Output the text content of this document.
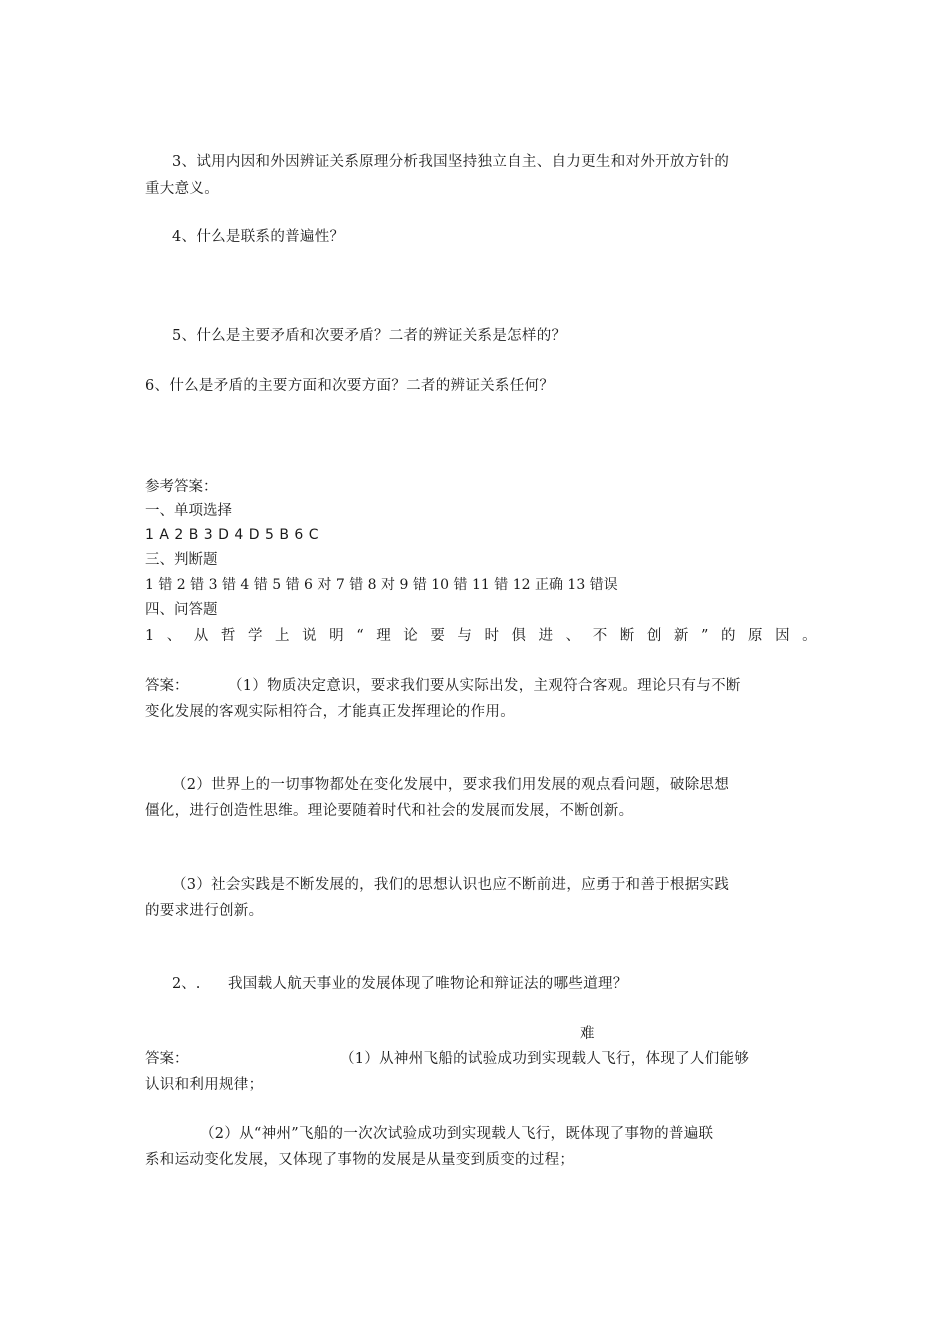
3、试用内因和外因辨证关系原理分析我国坚持独立自主、自力更生和对外开放方针的
重大意义。
4、什么是联系的普遍性？
5、什么是主要矛盾和次要矛盾？二者的辨证关系是怎样的？
6、什么是矛盾的主要方面和次要方面？二者的辨证关系任何？
参考答案：
一、单项选择
1 A 2 B 3 D 4 D 5 B 6 C
三、判断题
1 错 2 错 3 错 4 错 5 错 6 对 7 错 8 对 9 错 10 错 11 错 12 正确 13 错误
四、问答题
1 、 从 哲 学 上 说 明 “ 理 论 要 与 时 俱 进 、 不 断 创 新 ” 的 原 因 。
答案：	（1）物质决定意识，要求我们要从实际出发，主观符合客观。理论只有与不断
变化发展的客观实际相符合，才能真正发挥理论的作用。
（2）世界上的一切事物都处在变化发展中，要求我们用发展的观点看问题，破除思想
僵化，进行创造性思维。理论要随着时代和社会的发展而发展，不断创新。
（3）社会实践是不断发展的，我们的思想认识也应不断前进，应勇于和善于根据实践
的要求进行创新。
2、. 我国载人航天事业的发展体现了唯物论和辩证法的哪些道理？
难
答案：	（1）从神州飞船的试验成功到实现载人飞行，体现了人们能够
认识和利用规律；
（2）从“神州”飞船的一次次试验成功到实现载人飞行，既体现了事物的普遍联
系和运动变化发展，又体现了事物的发展是从量变到质变的过程；
